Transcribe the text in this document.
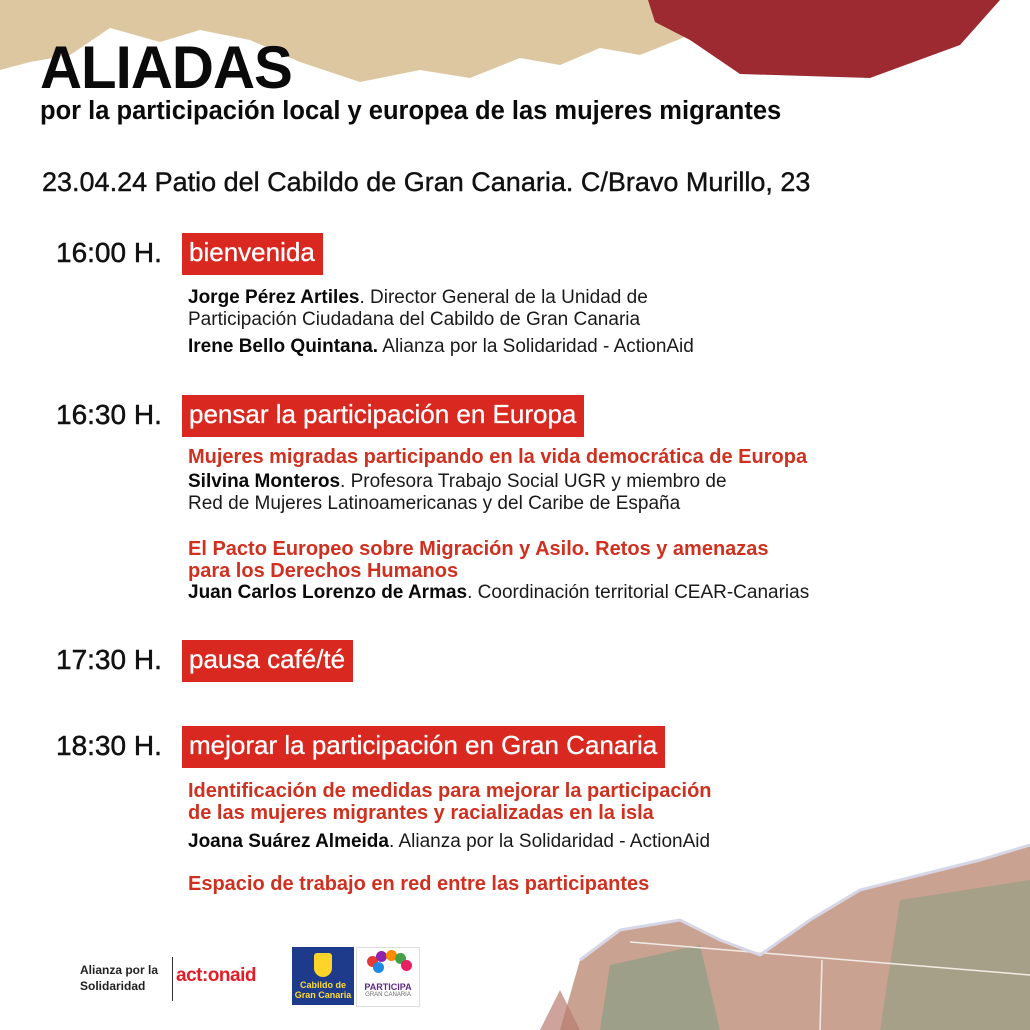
ALIADAS
por la participación local y europea de las mujeres migrantes
23.04.24 Patio del Cabildo de Gran Canaria. C/Bravo Murillo, 23
16:00 H. bienvenida
Jorge Pérez Artiles. Director General de la Unidad de
Participación Ciudadana del Cabildo de Gran Canaria
Irene Bello Quintana. Alianza por la Solidaridad - ActionAid
16:30 H. pensar la participación en Europa
Mujeres migradas participando en la vida democrática de Europa
Silvina Monteros. Profesora Trabajo Social UGR y miembro de
Red de Mujeres Latinoamericanas y del Caribe de España
El Pacto Europeo sobre Migración y Asilo. Retos y amenazas
para los Derechos Humanos
Juan Carlos Lorenzo de Armas. Coordinación territorial CEAR-Canarias
17:30 H. pausa café/té
18:30 H. mejorar la participación en Gran Canaria
Identificación de medidas para mejorar la participación
de las mujeres migrantes y racializadas en la isla
Joana Suárez Almeida. Alianza por la Solidaridad - ActionAid
Espacio de trabajo en red entre las participantes
Alianza por la Solidaridad	act:onaid	Cabildo de Gran Canaria
PARTICIPA
GRAN CANARIA
